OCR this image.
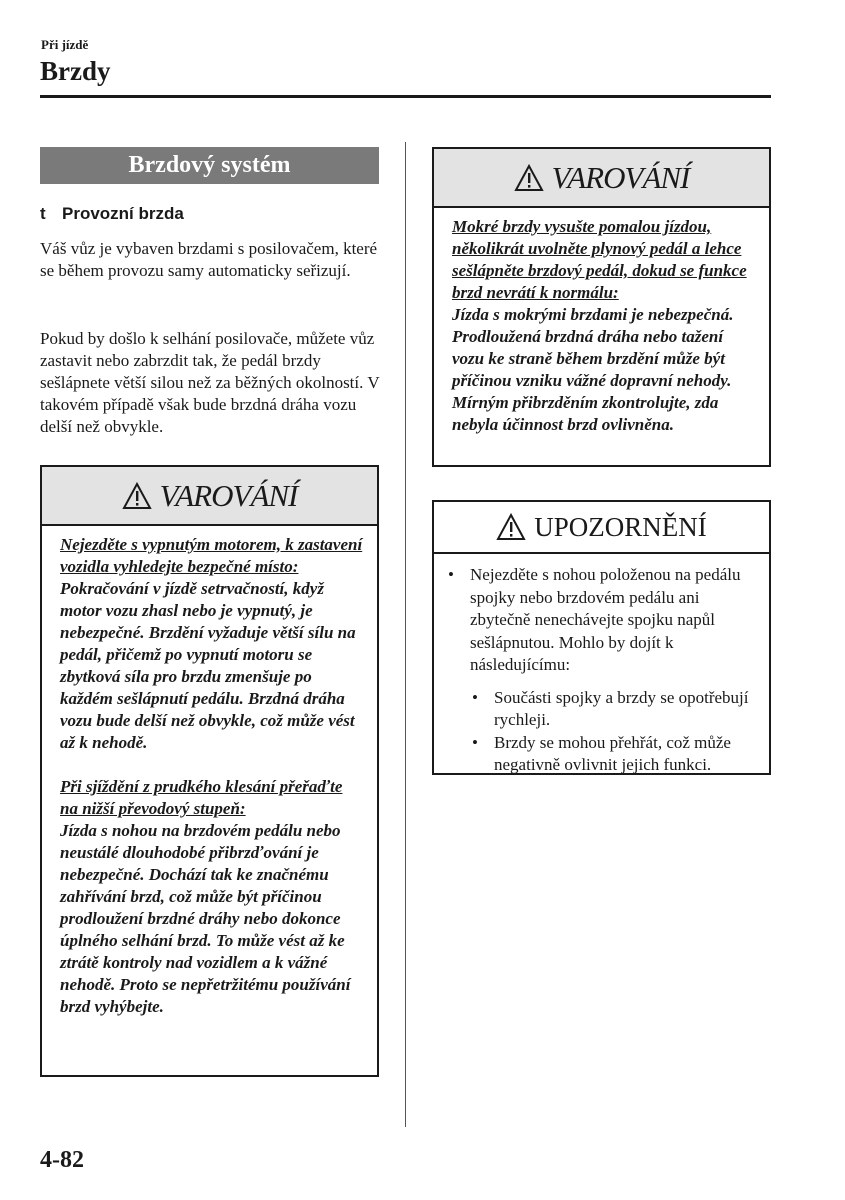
Při jízdě
Brzdy
Brzdový systém
t Provozní brzda
Váš vůz je vybaven brzdami s posilovačem, které se během provozu samy automaticky seřizují.
Pokud by došlo k selhání posilovače, můžete vůz zastavit nebo zabrzdit tak, že pedál brzdy sešlápnete větší silou než za běžných okolností. V takovém případě však bude brzdná dráha vozu delší než obvykle.
VAROVÁNÍ

Nejezděte s vypnutým motorem, k zastavení vozidla vyhledejte bezpečné místo:

Pokračování v jízdě setrvačností, když motor vozu zhasl nebo je vypnutý, je nebezpečné. Brzdění vyžaduje větší sílu na pedál, přičemž po vypnutí motoru se zbytková síla pro brzdu zmenšuje po každém sešlápnutí pedálu. Brzdná dráha vozu bude delší než obvykle, což může vést až k nehodě.

Při sjíždění z prudkého klesání přeřaďte na nižší převodový stupeň:

Jízda s nohou na brzdovém pedálu nebo neustálé dlouhodobé přibrzďování je nebezpečné. Dochází tak ke značnému zahřívání brzd, což může být příčinou prodloužení brzdné dráhy nebo dokonce úplného selhání brzd. To může vést až ke ztrátě kontroly nad vozidlem a k vážné nehodě. Proto se nepřetržitému používání brzd vyhýbejte.

VAROVÁNÍ

Mokré brzdy vysušte pomalou jízdou, několikrát uvolněte plynový pedál a lehce sešlápněte brzdový pedál, dokud se funkce brzd nevrátí k normálu:

Jízda s mokrými brzdami je nebezpečná. Prodloužená brzdná dráha nebo tažení vozu ke straně během brzdění může být příčinou vzniku vážné dopravní nehody. Mírným přibrzděním zkontrolujte, zda nebyla účinnost brzd ovlivněna.

UPOZORNĚNÍ
• Nejezděte s nohou položenou na pedálu spojky nebo brzdovém pedálu ani zbytečně nenechávejte spojku napůl sešlápnutou. Mohlo by dojít k následujícímu:
• Součásti spojky a brzdy se opotřebují rychleji.
• Brzdy se mohou přehřát, což může negativně ovlivnit jejich funkci.
4-82
